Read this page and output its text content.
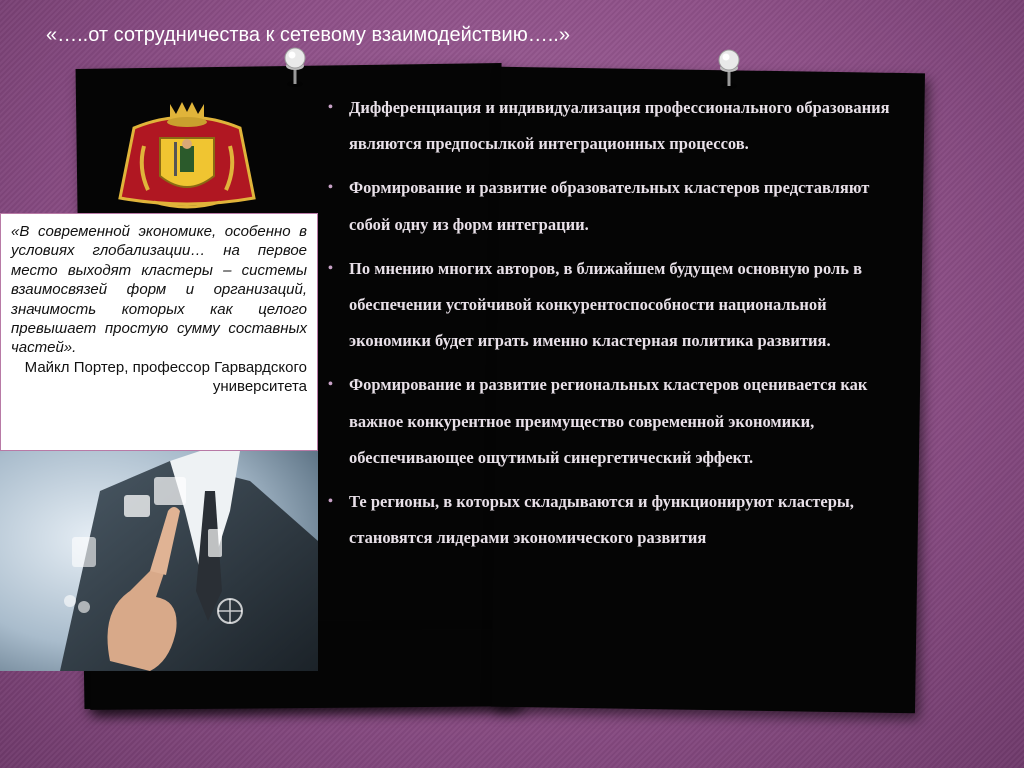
«…..от сотрудничества к сетевому взаимодействию…..»

«В современной экономике, особенно в условиях глобализации… на первое место выходят кластеры – системы взаимосвязей форм и организаций, значимость которых как целого превышает простую сумму составных частей».

Майкл Портер, профессор Гарвардского университета

• Дифференциация и индивидуализация профессионального образования являются предпосылкой интеграционных процессов.
• Формирование и развитие образовательных кластеров представляют собой одну из форм интеграции.
• По мнению многих авторов, в ближайшем будущем основную роль в обеспечении устойчивой конкурентоспособности национальной экономики будет играть именно кластерная политика развития.
• Формирование и развитие региональных кластеров оценивается как важное конкурентное преимущество современной экономики, обеспечивающее ощутимый синергетический эффект.
• Те регионы, в которых складываются и функционируют кластеры, становятся лидерами экономического развития
